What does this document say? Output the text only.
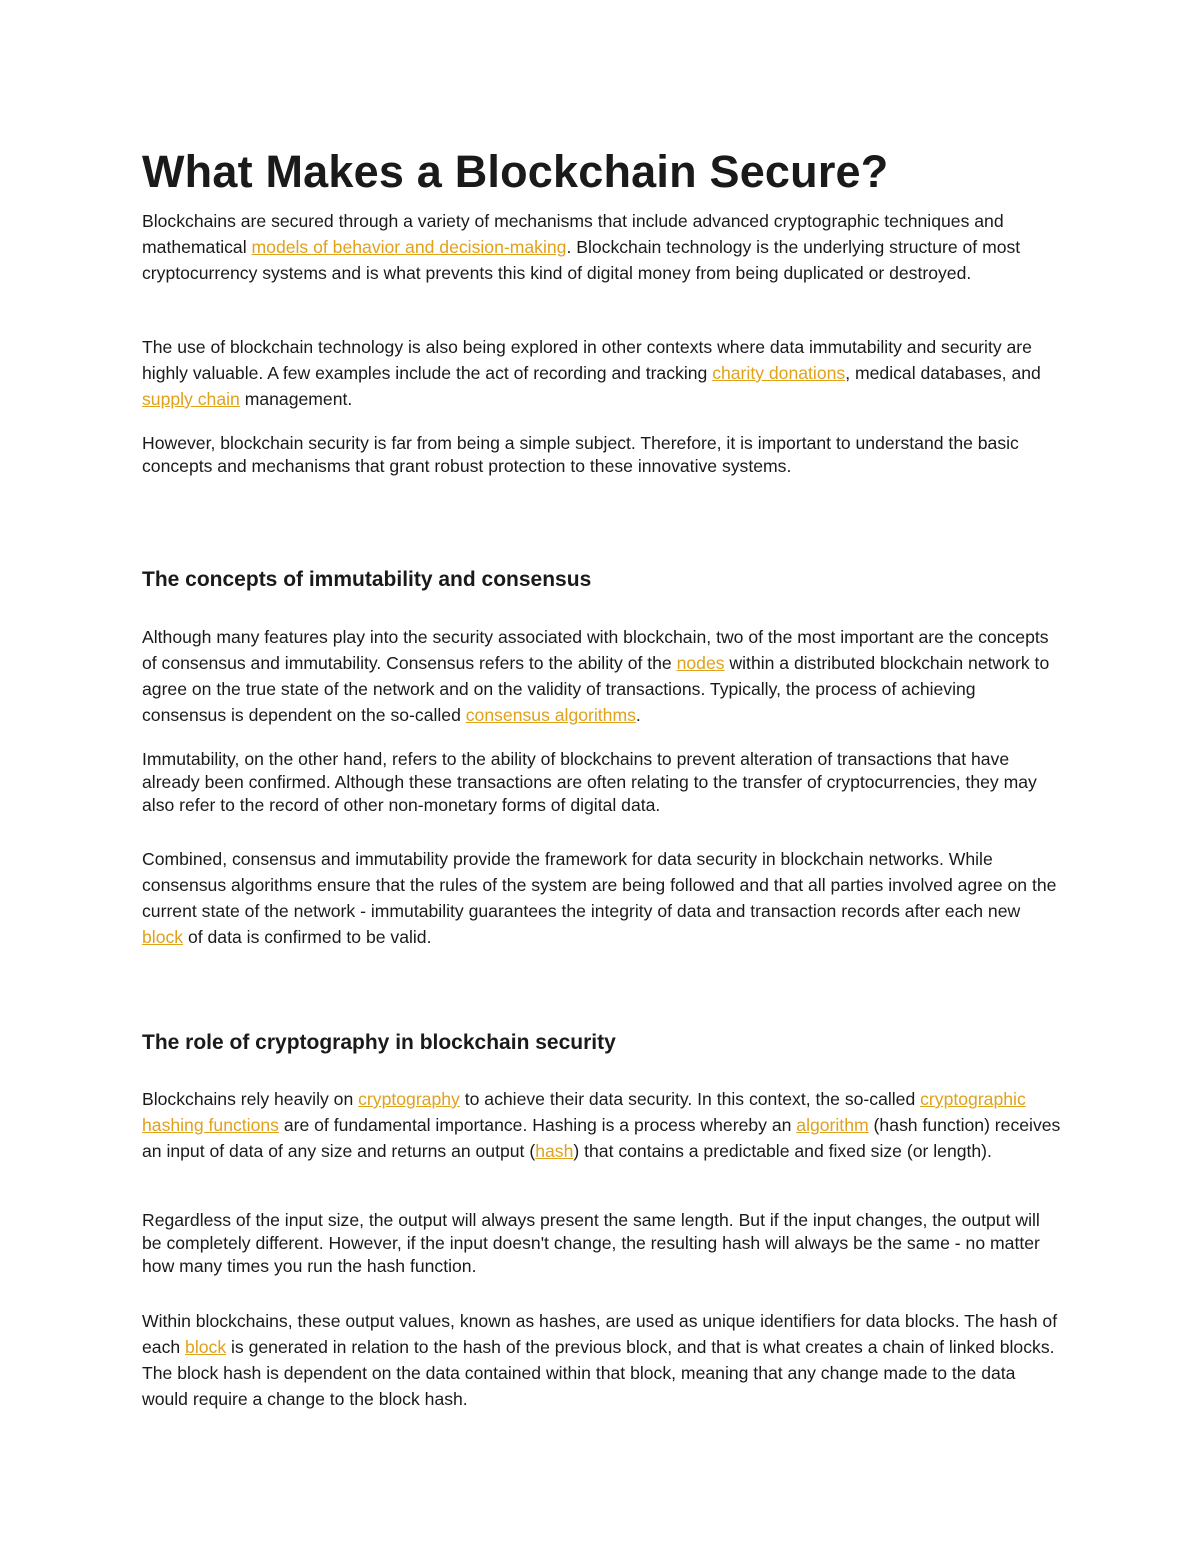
What Makes a Blockchain Secure?

Blockchains are secured through a variety of mechanisms that include advanced cryptographic techniques and mathematical models of behavior and decision-making. Blockchain technology is the underlying structure of most cryptocurrency systems and is what prevents this kind of digital money from being duplicated or destroyed.

The use of blockchain technology is also being explored in other contexts where data immutability and security are highly valuable. A few examples include the act of recording and tracking charity donations, medical databases, and supply chain management.

However, blockchain security is far from being a simple subject. Therefore, it is important to understand the basic concepts and mechanisms that grant robust protection to these innovative systems.

The concepts of immutability and consensus

Although many features play into the security associated with blockchain, two of the most important are the concepts of consensus and immutability. Consensus refers to the ability of the nodes within a distributed blockchain network to agree on the true state of the network and on the validity of transactions. Typically, the process of achieving consensus is dependent on the so-called consensus algorithms.

Immutability, on the other hand, refers to the ability of blockchains to prevent alteration of transactions that have already been confirmed. Although these transactions are often relating to the transfer of cryptocurrencies, they may also refer to the record of other non-monetary forms of digital data.

Combined, consensus and immutability provide the framework for data security in blockchain networks. While consensus algorithms ensure that the rules of the system are being followed and that all parties involved agree on the current state of the network - immutability guarantees the integrity of data and transaction records after each new block of data is confirmed to be valid.

The role of cryptography in blockchain security

Blockchains rely heavily on cryptography to achieve their data security. In this context, the so-called cryptographic hashing functions are of fundamental importance. Hashing is a process whereby an algorithm (hash function) receives an input of data of any size and returns an output (hash) that contains a predictable and fixed size (or length).

Regardless of the input size, the output will always present the same length. But if the input changes, the output will be completely different. However, if the input doesn't change, the resulting hash will always be the same - no matter how many times you run the hash function.

Within blockchains, these output values, known as hashes, are used as unique identifiers for data blocks. The hash of each block is generated in relation to the hash of the previous block, and that is what creates a chain of linked blocks. The block hash is dependent on the data contained within that block, meaning that any change made to the data would require a change to the block hash.
